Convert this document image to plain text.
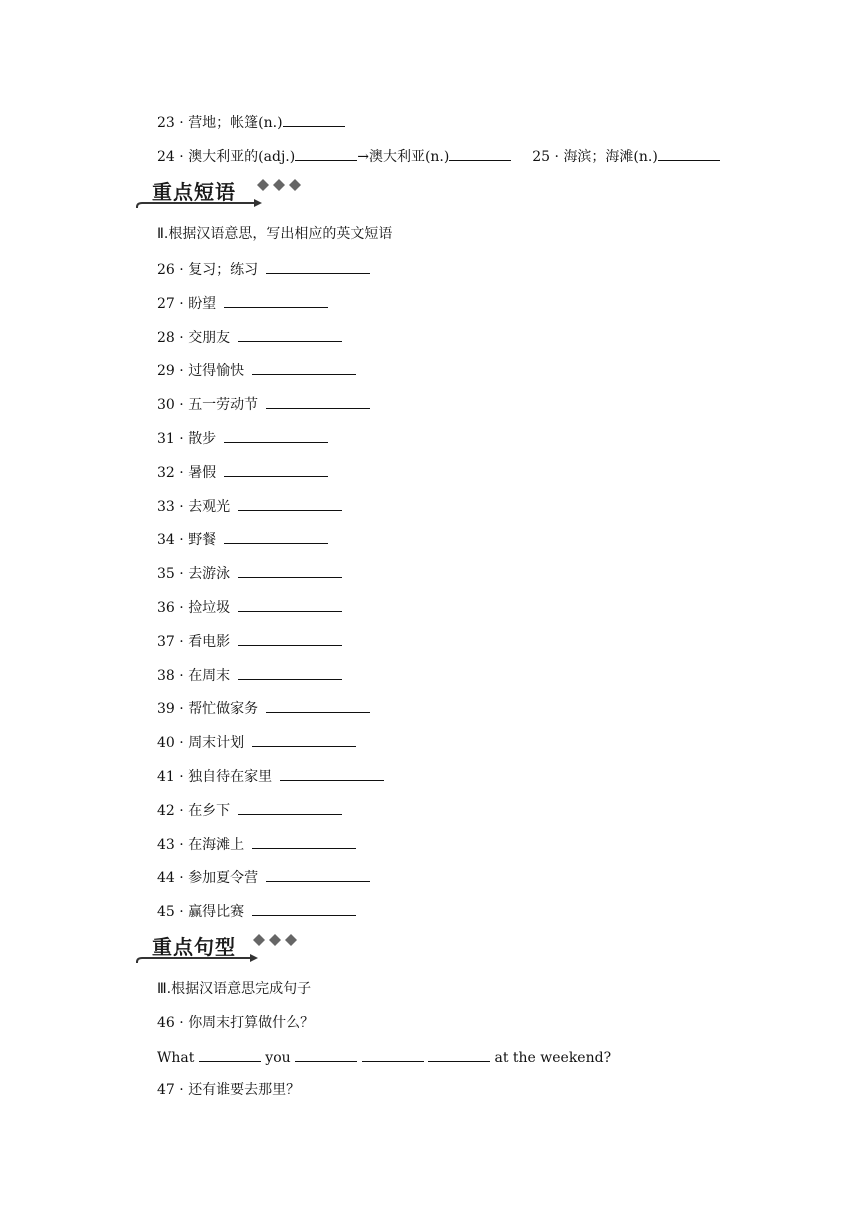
23 · 营地；帐篷(n.)
24 · 澳大利亚的(adj.)	→澳大利亚(n.)	25 · 海滨；海滩(n.)
重点短语
Ⅱ.根据汉语意思，写出相应的英文短语
26 · 复习；练习
27 · 盼望
28 · 交朋友
29 · 过得愉快
30 · 五一劳动节
31 · 散步
32 · 暑假
33 · 去观光
34 · 野餐
35 · 去游泳
36 · 捡垃圾
37 · 看电影
38 · 在周末
39 · 帮忙做家务
40 · 周末计划
41 · 独自待在家里
42 · 在乡下
43 · 在海滩上
44 · 参加夏令营
45 · 赢得比赛
重点句型
Ⅲ.根据汉语意思完成句子
46 · 你周末打算做什么？
What	you	at the weekend?
47 · 还有谁要去那里？
